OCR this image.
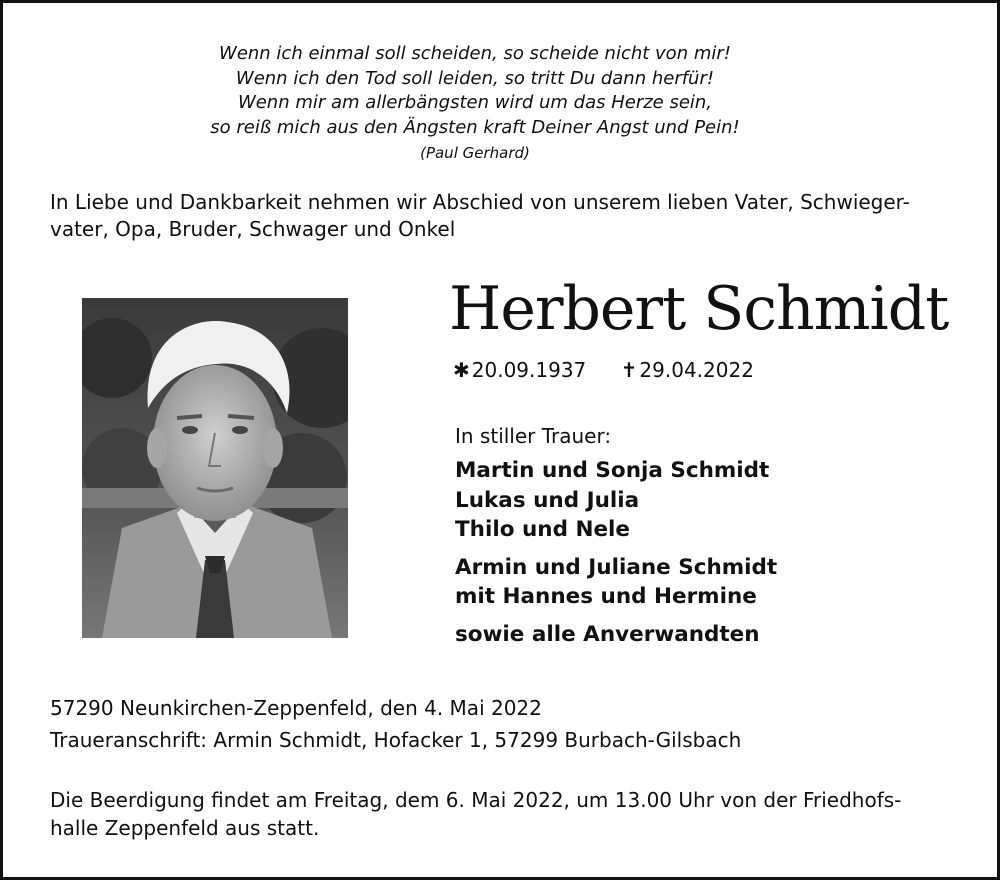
Wenn ich einmal soll scheiden, so scheide nicht von mir!
Wenn ich den Tod soll leiden, so tritt Du dann herfür!
Wenn mir am allerbängsten wird um das Herze sein,
so reiß mich aus den Ängsten kraft Deiner Angst und Pein!
(Paul Gerhard)
In Liebe und Dankbarkeit nehmen wir Abschied von unserem lieben Vater, Schwieger-
vater, Opa, Bruder, Schwager und Onkel
Herbert Schmidt
✱ 20.09.1937 ✝ 29.04.2022
In stiller Trauer:
Martin und Sonja Schmidt
Lukas und Julia
Thilo und Nele
Armin und Juliane Schmidt
mit Hannes und Hermine
sowie alle Anverwandten
57290 Neunkirchen-Zeppenfeld, den 4. Mai 2022
Traueranschrift: Armin Schmidt, Hofacker 1, 57299 Burbach-Gilsbach
Die Beerdigung findet am Freitag, dem 6. Mai 2022, um 13.00 Uhr von der Friedhofs-
halle Zeppenfeld aus statt.
